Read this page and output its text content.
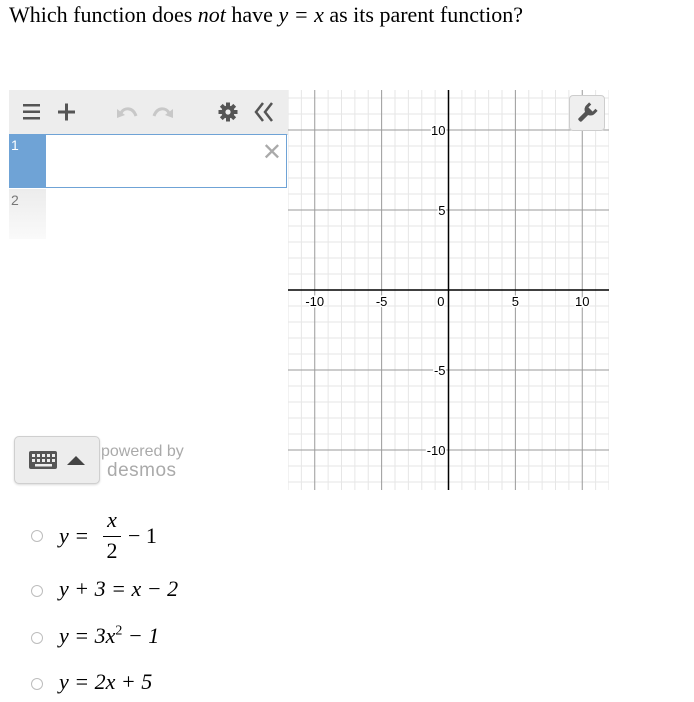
Which function does not have y = x as its parent function?
1	✕
2
powered by
desmos
-10	-5	0	5	10
10
5
-5
-10
y =
x
2
− 1
y + 3 = x − 2
$y = 3x^2 - 1$
y = 2x + 5
